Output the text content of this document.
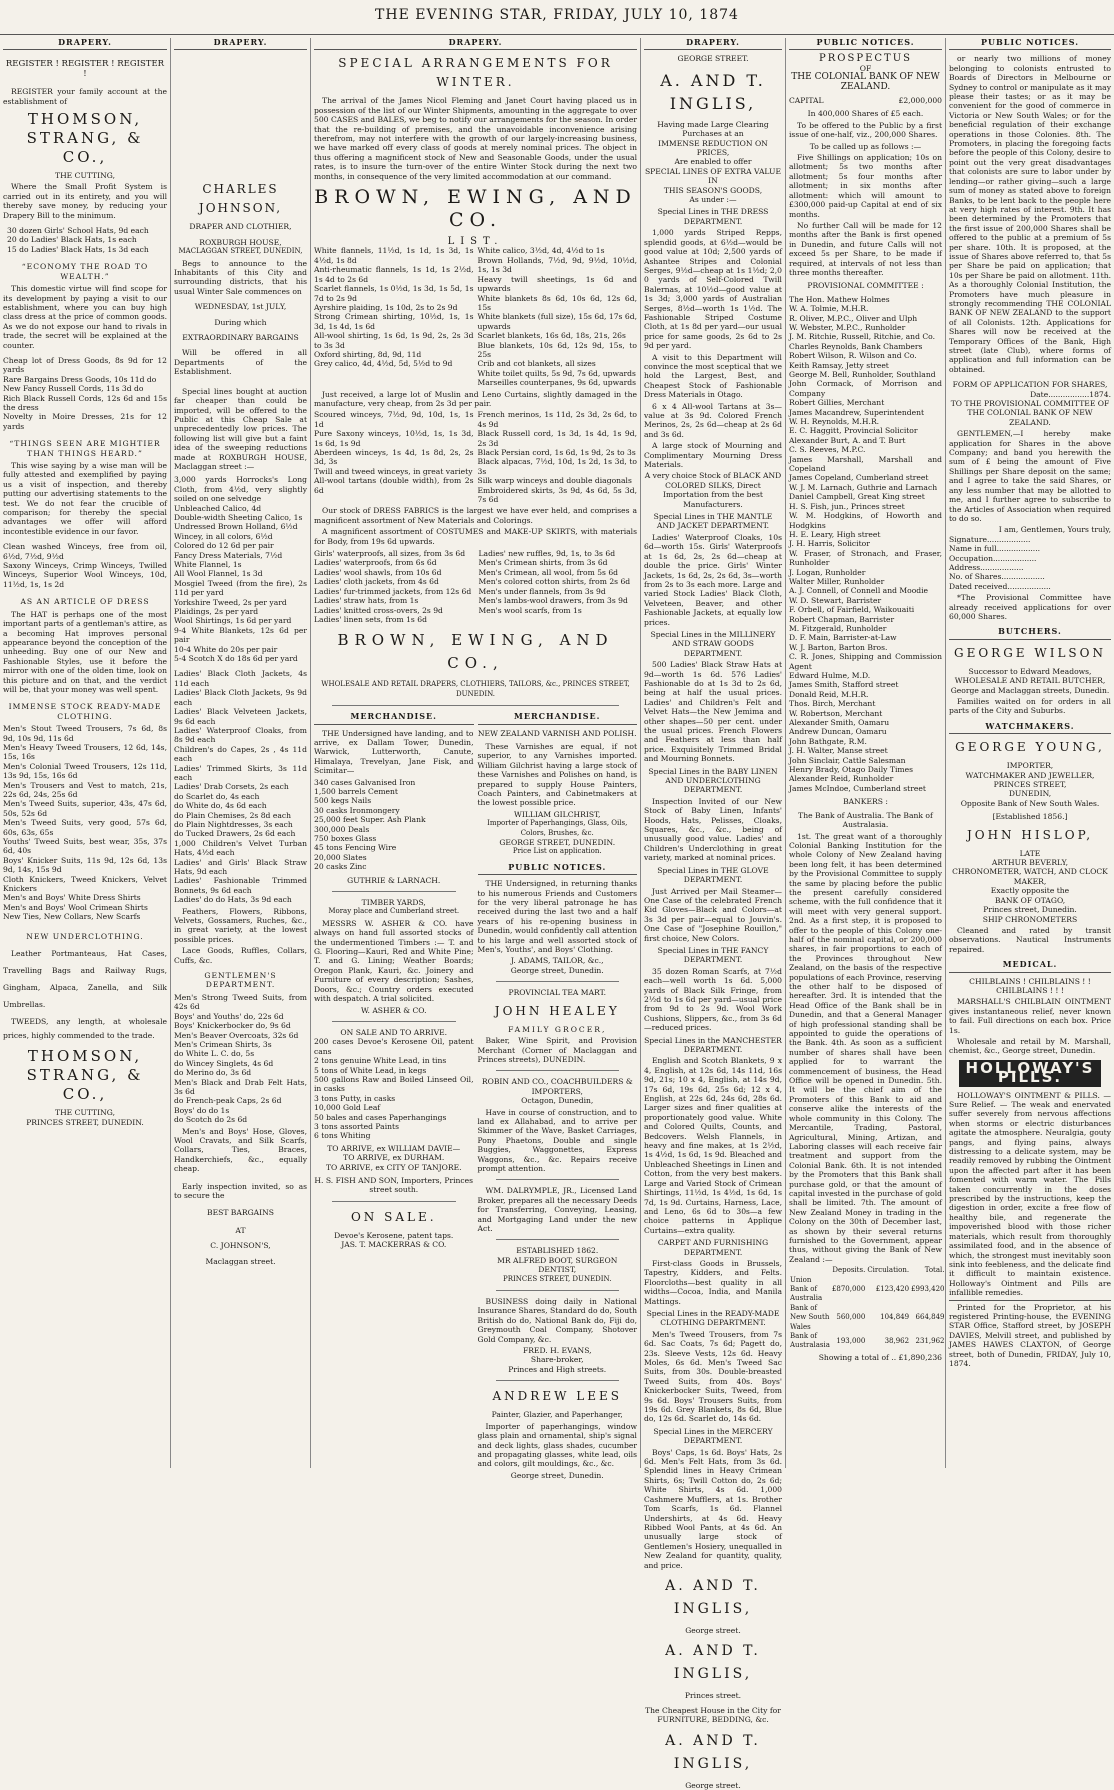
THE EVENING STAR, FRIDAY, JULY 10, 1874
DRAPERY.
REGISTER ! REGISTER ! REGISTER !

REGISTER your family account at the establishment of

THOMSON, STRANG, & CO.,
THE CUTTING,

Where the Small Profit System is carried out in its entirety, and you will thereby save money, by reducing your Drapery Bill to the minimum.

30 dozen Girls' School Hats, 9d each

20 do Ladies' Black Hats, 1s each

15 do Ladies' Black Hats, 1s 3d each

“ECONOMY THE ROAD TO WEALTH.”

This domestic virtue will find scope for its development by paying a visit to our establishment, where you can buy high class dress at the price of common goods. As we do not expose our hand to rivals in trade, the secret will be explained at the counter.

Cheap lot of Dress Goods, 8s 9d for 12 yards

Rare Bargains Dress Goods, 10s 11d do

New Fancy Russell Cords, 11s 3d do

Rich Black Russell Cords, 12s 6d and 15s the dress

Novelty in Moire Dresses, 21s for 12 yards

“THINGS SEEN ARE MIGHTIER THAN THINGS HEARD.”

This wise saying by a wise man will be fully attested and exemplified by paying us a visit of inspection, and thereby putting our advertising statements to the test. We do not fear the crucible of comparison; for thereby the special advantages we offer will afford incontestible evidence in our favor.

Clean washed Winceys, free from oil, 6½d, 7½d, 9½d

Saxony Winceys, Crimp Winceys, Twilled Winceys, Superior Wool Winceys, 10d, 11½d, 1s, 1s 2d

AS AN ARTICLE OF DRESS

The HAT is perhaps one of the most important parts of a gentleman's attire, as a becoming Hat improves personal appearance beyond the conception of the unheeding. Buy one of our New and Fashionable Styles, use it before the mirror with one of the olden time, look on this picture and on that, and the verdict will be, that your money was well spent.

IMMENSE STOCK READY-MADE CLOTHING.

Men's Stout Tweed Trousers, 7s 6d, 8s 9d, 10s 9d, 11s 6d

Men's Heavy Tweed Trousers, 12 6d, 14s, 15s, 16s

Men's Colonial Tweed Trousers, 12s 11d, 13s 9d, 15s, 16s 6d

Men's Trousers and Vest to match, 21s, 22s 6d, 24s, 25s 6d

Men's Tweed Suits, superior, 43s, 47s 6d, 50s, 52s 6d

Men's Tweed Suits, very good, 57s 6d, 60s, 63s, 65s

Youths' Tweed Suits, best wear, 35s, 37s 6d, 40s

Boys' Knicker Suits, 11s 9d, 12s 6d, 13s 9d, 14s, 15s 9d

Cloth Knickers, Tweed Knickers, Velvet Knickers

Men's and Boys' White Dress Shirts

Men's and Boys' Wool Crimean Shirts

New Ties, New Collars, New Scarfs

NEW UNDERCLOTHING.

Leather Portmanteaus, Hat Cases, Travelling Bags and Railway Rugs, Gingham, Alpaca, Zanella, and Silk Umbrellas.

TWEEDS, any length, at wholesale prices, highly commended to the trade.

THOMSON, STRANG, & CO.,
THE CUTTING,
PRINCES STREET, DUNEDIN.
DRAPERY.
CHARLES JOHNSON,
DRAPER AND CLOTHIER,
ROXBURGH HOUSE,
MACLAGGAN STREET, DUNEDIN,

Begs to announce to the Inhabitants of this City and surrounding districts, that his usual Winter Sale commences on

WEDNESDAY, 1st JULY,
During which
EXTRAORDINARY BARGAINS

Will be offered in all Departments of the Establishment.

Special lines bought at auction far cheaper than could be imported, will be offered to the Public at this Cheap Sale at unprecedentedly low prices. The following list will give but a faint idea of the sweeping reductions made at ROXBURGH HOUSE, Maclaggan street :—

3,000 yards Horrocks's Long Cloth, from 4½d, very slightly soiled on one selvedge

Unbleached Calico, 4d

Double-width Sheeting Calico, 1s

Undressed Brown Holland, 6½d

Wincey, in all colors, 6½d

Colored do 12 6d per pair

Fancy Dress Materials, 7½d

White Flannel, 1s

All Wool Flannel, 1s 3d

Mosgiel Tweed (from the fire), 2s 11d per yard

Yorkshire Tweed, 2s per yard

Plaidings, 2s per yard

Wool Shirtings, 1s 6d per yard

9-4 White Blankets, 12s 6d per pair

10-4 White do 20s per pair

5-4 Scotch X do 18s 6d per yard

Ladies' Black Cloth Jackets, 4s 11d each

Ladies' Black Cloth Jackets, 9s 9d each

Ladies' Black Velveteen Jackets, 9s 6d each

Ladies' Waterproof Cloaks, from 8s 9d each

Children's do Capes, 2s , 4s 11d each

Ladies' Trimmed Skirts, 3s 11d each

Ladies' Drab Corsets, 2s each

do Scarlet do, 4s each

do White do, 4s 6d each

do Plain Chemises, 2s 8d each

do Plain Nightdresses, 3s each

do Tucked Drawers, 2s 6d each

1,000 Children's Velvet Turban Hats, 4½d each

Ladies' and Girls' Black Straw Hats, 9d each

Ladies' Fashionable Trimmed Bonnets, 9s 6d each

Ladies' do do Hats, 3s 9d each

Feathers, Flowers, Ribbons, Velvets, Gossamers, Ruches, &c., in great variety, at the lowest possible prices.

Lace Goods, Ruffles, Collars, Cuffs, &c.

GENTLEMEN'S DEPARTMENT.

Men's Strong Tweed Suits, from 42s 6d

Boys' and Youths' do, 22s 6d

Boys' Knickerbocker do, 9s 6d

Men's Beaver Overcoats, 32s 6d

Men's Crimean Shirts, 3s

do White L. C. do, 5s

do Wincey Singlets, 4s 6d

do Merino do, 3s 6d

Men's Black and Drab Felt Hats, 3s 6d

do French-peak Caps, 2s 6d

Boys' do do 1s

do Scotch do 2s 6d

Men's and Boys' Hose, Gloves, Wool Cravats, and Silk Scarfs, Collars, Ties, Braces, Handkerchiefs, &c., equally cheap.

Early inspection invited, so as to secure the

BEST BARGAINS
AT
C. JOHNSON'S,
Maclaggan street.
DRAPERY.
SPECIAL ARRANGEMENTS FOR WINTER.

The arrival of the James Nicol Fleming and Janet Court having placed us in possession of the list of our Winter Shipments, amounting in the aggregate to over 500 CASES and BALES, we beg to notify our arrangements for the season. In order that the re-building of premises, and the unavoidable inconvenience arising therefrom, may not interfere with the growth of our largely-increasing business, we have marked off every class of goods at merely nominal prices. The object in thus offering a magnificent stock of New and Seasonable Goods, under the usual rates, is to insure the turn-over of the entire Winter Stock during the next two months, in consequence of the very limited accommodation at our command.

BROWN, EWING, AND CO.
LIST.

White flannels, 11½d, 1s 1d, 1s 3d, 1s 4½d, 1s 8d

Anti-rheumatic flannels, 1s 1d, 1s 2½d, 1s 4d to 2s 6d

Scarlet flannels, 1s 0½d, 1s 3d, 1s 5d, 1s 7d to 2s 9d

Ayrshire plaiding, 1s 10d, 2s to 2s 9d

Strong Crimean shirting, 10½d, 1s, 1s 3d, 1s 4d, 1s 6d

All-wool shirting, 1s 6d, 1s 9d, 2s, 2s 3d to 3s 3d

Oxford shirting, 8d, 9d, 11d

Grey calico, 4d, 4½d, 5d, 5½d to 9d

White calico, 3½d, 4d, 4½d to 1s

Brown Hollands, 7½d, 9d, 9½d, 10½d, 1s, 1s 3d

Heavy twill sheetings, 1s 6d and upwards

White blankets 8s 6d, 10s 6d, 12s 6d, 15s

White blankets (full size), 15s 6d, 17s 6d, upwards

Scarlet blankets, 16s 6d, 18s, 21s, 26s

Blue blankets, 10s 6d, 12s 9d, 15s, to 25s

Crib and cot blankets, all sizes

White toilet quilts, 5s 9d, 7s 6d, upwards

Marseilles counterpanes, 9s 6d, upwards

Just received, a large lot of Muslin and Leno Curtains, slightly damaged in the manufacture, very cheap, from 2s 3d per pair.

Scoured winceys, 7½d, 9d, 10d, 1s, 1s 1d

Pure Saxony winceys, 10½d, 1s, 1s 3d, 1s 6d, 1s 9d

Aberdeen winceys, 1s 4d, 1s 8d, 2s, 2s 3d, 3s

Twill and tweed winceys, in great variety

All-wool tartans (double width), from 2s 6d

French merinos, 1s 11d, 2s 3d, 2s 6d, to 4s 9d

Black Russell cord, 1s 3d, 1s 4d, 1s 9d, 2s 3d

Black Persian cord, 1s 6d, 1s 9d, 2s to 3s

Black alpacas, 7½d, 10d, 1s 2d, 1s 3d, to 3s

Silk warp winceys and double diagonals

Embroidered skirts, 3s 9d, 4s 6d, 5s 3d, 7s 6d

Our stock of DRESS FABRICS is the largest we have ever held, and comprises a magnificent assortment of New Materials and Colorings.

A magnificent assortment of COSTUMES and MAKE-UP SKIRTS, with materials for Body, from 19s 6d upwards.

Girls' waterproofs, all sizes, from 3s 6d

Ladies' waterproofs, from 6s 6d

Ladies' wool shawls, from 10s 6d

Ladies' cloth jackets, from 4s 6d

Ladies' fur-trimmed jackets, from 12s 6d

Ladies' straw hats, from 1s

Ladies' knitted cross-overs, 2s 9d

Ladies' linen sets, from 1s 6d

Ladies' new ruffles, 9d, 1s, to 3s 6d

Men's Crimean shirts, from 3s 6d

Men's Crimean, all wool, from 5s 6d

Men's colored cotton shirts, from 2s 6d

Men's under flannels, from 3s 9d

Men's lambs-wool drawers, from 3s 9d

Men's wool scarfs, from 1s

BROWN, EWING, AND CO.,
WHOLESALE AND RETAIL DRAPERS, CLOTHIERS, TAILORS, &c., PRINCES STREET, DUNEDIN.
MERCHANDISE.

THE Undersigned have landing, and to arrive, ex Dallam Tower, Dunedin, Warwick, Lutterworth, Canute, Himalaya, Trevelyan, Jane Fisk, and Scimitar—

340 cases Galvanised Iron

1,500 barrels Cement

500 kegs Nails

30 casks Ironmongery

25,000 feet Super. Ash Plank

300,000 Deals

750 boxes Glass

45 tons Fencing Wire

20,000 Slates

20 casks Zinc

GUTHRIE & LARNACH.
TIMBER YARDS,
Moray place and Cumberland street.

MESSRS W. ASHER & CO. have always on hand full assorted stocks of the undermentioned Timbers :— T. and G. Flooring—Kauri, Red and White Pine; T. and G. Lining; Weather Boards; Oregon Plank, Kauri, &c. Joinery and Furniture of every description; Sashes, Doors, &c.; Country orders executed with despatch. A trial solicited.

W. ASHER & CO.
ON SALE AND TO ARRIVE.

200 cases Devoe's Kerosene Oil, patent cans

2 tons genuine White Lead, in tins

5 tons of White Lead, in kegs

500 gallons Raw and Boiled Linseed Oil, in casks

3 tons Putty, in casks

10,000 Gold Leaf

50 bales and cases Paperhangings

3 tons assorted Paints

6 tons Whiting

TO ARRIVE, ex WILLIAM DAVIE—
TO ARRIVE, ex DURHAM.
TO ARRIVE, ex CITY OF TANJORE.
H. S. FISH AND SON, Importers, Princes street south.
ON SALE.
Devoe's Kerosene, patent taps.
JAS. T. MACKERRAS & CO.
MERCHANDISE.
NEW ZEALAND VARNISH AND POLISH.

These Varnishes are equal, if not superior, to any Varnishes imported. William Gilchrist having a large stock of these Varnishes and Polishes on hand, is prepared to supply House Painters, Coach Painters, and Cabinetmakers at the lowest possible price.

WILLIAM GILCHRIST,
Importer of Paperhangings, Glass, Oils, Colors, Brushes, &c.
GEORGE STREET, DUNEDIN.
Price List on application.
PUBLIC NOTICES.

THE Undersigned, in returning thanks to his numerous Friends and Customers for the very liberal patronage he has received during the last two and a half years of his re-opening business in Dunedin, would confidently call attention to his large and well assorted stock of Men's, Youths', and Boys' Clothing.

J. ADAMS, TAILOR, &c.,
George street, Dunedin.
PROVINCIAL TEA MART.
JOHN HEALEY
FAMILY GROCER,

Baker, Wine Spirit, and Provision Merchant (Corner of Maclaggan and Princes streets), DUNEDIN.

ROBIN AND CO., COACHBUILDERS & IMPORTERS,
Octagon, Dunedin,

Have in course of construction, and to land ex Allahabad, and to arrive per Skimmer of the Wave, Basket Carriages, Pony Phaetons, Double and single Buggies, Waggonettes, Express Waggons, &c., &c. Repairs receive prompt attention.

WM. DALRYMPLE, JR., Licensed Land Broker, prepares all the necessary Deeds for Transferring, Conveying, Leasing, and Mortgaging Land under the new Act.

ESTABLISHED 1862.
MR ALFRED BOOT, SURGEON DENTIST,
PRINCES STREET, DUNEDIN.

BUSINESS doing daily in National Insurance Shares, Standard do do, South British do do, National Bank do, Fiji do, Greymouth Coal Company, Shotover Gold Company, &c.

FRED. H. EVANS,
Share-broker,
Princes and High streets.
ANDREW LEES
Painter, Glazier, and Paperhanger,

Importer of paperhangings, window glass plain and ornamental, ship's signal and deck lights, glass shades, cucumber and propagating glasses, white lead, oils and colors, gilt mouldings, &c., &c.

George street, Dunedin.
DRAPERY.
GEORGE STREET.
A. AND T. INGLIS,
Having made Large Clearing Purchases at an
IMMENSE REDUCTION ON PRICES,
Are enabled to offer
SPECIAL LINES OF EXTRA VALUE
IN
THIS SEASON'S GOODS,
As under :—
Special Lines in THE DRESS DEPARTMENT.

1,000 yards Striped Repps, splendid goods, at 6½d—would be good value at 10d; 2,500 yards of Ashantee Stripes and Colonial Serges, 9½d—cheap at 1s 1½d; 2,0 0 yards of Self-Colored Twill Balernas, at 10½d—good value at 1s 3d; 3,000 yards of Australian Serges, 8½d—worth 1s 1½d. The Fashionable Striped Costume Cloth, at 1s 8d per yard—our usual price for same goods, 2s 6d to 2s 9d per yard.

A visit to this Department will convince the most sceptical that we hold the Largest, Best, and Cheapest Stock of Fashionable Dress Materials in Otago.

6 x 4 All-wool Tartans at 3s—value at 3s 9d. Colored French Merinos, 2s, 2s 6d—cheap at 2s 6d and 3s 6d.

A large stock of Mourning and Complimentary Mourning Dress Materials.

A very choice Stock of BLACK AND COLORED SILKS, Direct Importation from the best Manufacturers.
Special Lines in THE MANTLE AND JACKET DEPARTMENT.

Ladies' Waterproof Cloaks, 10s 6d—worth 15s. Girls' Waterproofs at 1s 6d, 2s, 2s 6d—cheap at double the price. Girls' Winter Jackets, 1s 6d, 2s, 2s 6d, 3s—worth from 2s to 3s each more. Large and varied Stock Ladies' Black Cloth, Velveteen, Beaver, and other Fashionable Jackets, at equally low prices.

Special Lines in the MILLINERY AND STRAW GOODS DEPARTMENT.

500 Ladies' Black Straw Hats at 9d—worth 1s 6d. 576 Ladies' Fashionable do at 1s 3d to 2s 6d, being at half the usual prices. Ladies' and Children's Felt and Velvet Hats—the New Jemima and other shapes—50 per cent. under the usual prices. French Flowers and Feathers at less than half price. Exquisitely Trimmed Bridal and Mourning Bonnets.

Special Lines in the BABY LINEN AND UNDERCLOTHING DEPARTMENT.

Inspection Invited of our New Stock of Baby Linen, Infants' Hoods, Hats, Pelisses, Cloaks, Squares, &c., &c., being of unusually good value. Ladies' and Children's Underclothing in great variety, marked at nominal prices.

Special Lines in THE GLOVE DEPARTMENT.

Just Arrived per Mail Steamer—One Case of the celebrated French Kid Gloves—Black and Colors—at 3s 3d per pair—equal to Jouvin's. One Case of "Josephine Rouillon," first choice, New Colors.

Special Lines in THE FANCY DEPARTMENT.

35 dozen Roman Scarfs, at 7½d each—well worth 1s 6d. 5,000 yards of Black Silk Fringe, from 2½d to 1s 6d per yard—usual price from 9d to 2s 9d. Wool Work Cushions, Slippers, &c., from 3s 6d—reduced prices.

Special Lines in the MANCHESTER DEPARTMENT.

English and Scotch Blankets, 9 x 4, English, at 12s 6d, 14s 11d, 16s 9d, 21s; 10 x 4, English, at 14s 9d, 17s 6d, 19s 6d, 25s 6d; 12 x 4, English, at 22s 6d, 24s 6d, 28s 6d. Larger sizes and finer qualities at proportionately good value. White and Colored Quilts, Counts, and Bedcovers. Welsh Flannels, in heavy and fine makes, at 1s 2½d, 1s 4½d, 1s 6d, 1s 9d. Bleached and Unbleached Sheetings in Linen and Cotton, from the very best makers. Large and Varied Stock of Crimean Shirtings, 11½d, 1s 4½d, 1s 6d, 1s 7d, 1s 9d. Curtains, Harness, Lace, and Leno, 6s 6d to 30s—a few choice patterns in Applique Curtains—extra quality.

CARPET AND FURNISHING DEPARTMENT.

First-class Goods in Brussels, Tapestry, Kidders, and Felts. Floorcloths—best quality in all widths—Cocoa, India, and Manila Mattings.

Special Lines in the READY-MADE CLOTHING DEPARTMENT.

Men's Tweed Trousers, from 7s 6d. Sac Coats, 7s 6d; Pagett do, 23s. Sleeve Vests, 12s 6d. Heavy Moles, 6s 6d. Men's Tweed Sac Suits, from 30s. Double-breasted Tweed Suits, from 40s. Boys' Knickerbocker Suits, Tweed, from 9s 6d. Boys' Trousers Suits, from 19s 6d. Grey Blankets, 8s 6d, Blue do, 12s 6d. Scarlet do, 14s 6d.

Special Lines in the MERCERY DEPARTMENT.

Boys' Caps, 1s 6d. Boys' Hats, 2s 6d. Men's Felt Hats, from 3s 6d. Splendid lines in Heavy Crimean Shirts, 6s; Twill Cotton do, 2s 6d; White Shirts, 4s 6d. 1,000 Cashmere Mufflers, at 1s. Brother Tom Scarfs, 1s 6d. Flannel Undershirts, at 4s 6d. Heavy Ribbed Wool Pants, at 4s 6d. An unusually large stock of Gentlemen's Hosiery, unequalled in New Zealand for quantity, quality, and price.

A. AND T. INGLIS,
George street.
A. AND T. INGLIS,
Princes street.
The Cheapest House in the City for
FURNITURE, BEDDING, &c.
A. AND T. INGLIS,
George street.
PUBLIC NOTICES.
PROSPECTUS
OF
THE COLONIAL BANK OF NEW ZEALAND.
CAPITAL	£2,000,000
In 400,000 Shares of £5 each.

To be offered to the Public by a first issue of one-half, viz., 200,000 Shares.

To be called up as follows :—

Five Shillings on application; 10s on allotment; 5s two months after allotment; 5s four months after allotment; in six months after allotment: which will amount to £300,000 paid-up Capital at end of six months.

No further Call will be made for 12 months after the Bank is first opened in Dunedin, and future Calls will not exceed 5s per Share, to be made if required, at intervals of not less than three months thereafter.

PROVISIONAL COMMITTEE :

The Hon. Mathew Holmes

W. A. Tolmie, M.H.R.

R. Oliver, M.P.C., Oliver and Ulph

W. Webster, M.P.C., Runholder

J. M. Ritchie, Russell, Ritchie, and Co.

Charles Reynolds, Bank Chambers

Robert Wilson, R. Wilson and Co.

Keith Ramsay, Jetty street

George M. Bell, Runholder, Southland

John Cormack, of Morrison and Company

Robert Gillies, Merchant

James Macandrew, Superintendent

W. H. Reynolds, M.H.R.

E. C. Haggitt, Provincial Solicitor

Alexander Burt, A. and T. Burt

C. S. Reeves, M.P.C.

James Marshall, Marshall and Copeland

James Copeland, Cumberland street

W. J. M. Larnach, Guthrie and Larnach

Daniel Campbell, Great King street

H. S. Fish, jun., Princes street

W. M. Hodgkins, of Howorth and Hodgkins

H. E. Leary, High street

J. H. Harris, Solicitor

W. Fraser, of Stronach, and Fraser, Runholder

J. Logan, Runholder

Walter Miller, Runholder

A. J. Connell, of Connell and Moodie

W. D. Stewart, Barrister

F. Orbell, of Fairfield, Waikouaiti

Robert Chapman, Barrister

M. Fitzgerald, Runholder

D. F. Main, Barrister-at-Law

W. J. Barton, Barton Bros.

C. R. Jones, Shipping and Commission Agent

Edward Hulme, M.D.

James Smith, Stafford street

Donald Reid, M.H.R.

Thos. Birch, Merchant

W. Robertson, Merchant

Alexander Smith, Oamaru

Andrew Duncan, Oamaru

John Bathgate, R.M.

J. H. Walter, Manse street

John Sinclair, Cattle Salesman

Henry Brady, Otago Daily Times

Alexander Reid, Runholder

James McIndoe, Cumberland street

BANKERS :
The Bank of Australia. The Bank of Australasia.

1st. The great want of a thoroughly Colonial Banking Institution for the whole Colony of New Zealand having been long felt, it has been determined by the Provisional Committee to supply the same by placing before the public the present carefully considered scheme, with the full confidence that it will meet with very general support. 2nd. As a first step, it is proposed to offer to the people of this Colony one-half of the nominal capital, or 200,000 shares, in fair proportions to each of the Provinces throughout New Zealand, on the basis of the respective populations of each Province, reserving the other half to be disposed of hereafter. 3rd. It is intended that the Head Office of the Bank shall be in Dunedin, and that a General Manager of high professional standing shall be appointed to guide the operations of the Bank. 4th. As soon as a sufficient number of shares shall have been applied for to warrant the commencement of business, the Head Office will be opened in Dunedin. 5th. It will be the chief aim of the Promoters of this Bank to aid and conserve alike the interests of the whole community in this Colony. The Mercantile, Trading, Pastoral, Agricultural, Mining, Artizan, and Laboring classes will each receive fair treatment and support from the Colonial Bank. 6th. It is not intended by the Promoters that this Bank shall purchase gold, or that the amount of capital invested in the purchase of gold shall be limited. 7th. The amount of New Zealand Money in trading in the Colony on the 30th of December last, as shown by their several returns furnished to the Government, appear thus, without giving the Bank of New Zealand :—

	Deposits.	Circulation.	Total.
Union Bank of Australia	£870,000	£123,420	£993,420
Bank of New South Wales	560,000	104,849	664,849
Bank of Australasia	193,000	38,962	231,962
Showing a total of .. £1,890,236
PUBLIC NOTICES.

or nearly two millions of money belonging to colonists entrusted to Boards of Directors in Melbourne or Sydney to control or manipulate as it may please their tastes; or as it may be convenient for the good of commerce in Victoria or New South Wales; or for the beneficial regulation of their exchange operations in those Colonies. 8th. The Promoters, in placing the foregoing facts before the people of this Colony, desire to point out the very great disadvantages that colonists are sure to labor under by lending—or rather giving—such a large sum of money as stated above to foreign Banks, to be lent back to the people here at very high rates of interest. 9th. It has been determined by the Promoters that the first issue of 200,000 Shares shall be offered to the public at a premium of 5s per share. 10th. It is proposed, at the issue of Shares above referred to, that 5s per Share be paid on application; that 10s per Share be paid on allotment. 11th. As a thoroughly Colonial Institution, the Promoters have much pleasure in strongly recommending THE COLONIAL BANK OF NEW ZEALAND to the support of all Colonists. 12th. Applications for Shares will now be received at the Temporary Offices of the Bank, High street (late Club), where forms of application and full information can be obtained.

FORM OF APPLICATION FOR SHARES,
Date.................1874.
TO THE PROVISIONAL COMMITTEE OF THE COLONIAL BANK OF NEW ZEALAND.

GENTLEMEN,—I hereby make application for Shares in the above Company; and band you herewith the sum of £ being the amount of Five Shillings per Share deposit on the same; and I agree to take the said Shares, or any less number that may be allotted to me, and I further agree to subscribe to the Articles of Association when required to do so.

I am, Gentlemen, Yours truly,
Signature..................
Name in full..................
Occupation..................
Address..................
No. of Shares..................
Dated received..................

*The Provisional Committee have already received applications for over 60,000 Shares.

BUTCHERS.
GEORGE WILSON
Successor to Edward Meadows,
WHOLESALE AND RETAIL BUTCHER,
George and Maclaggan streets, Dunedin.

Families waited on for orders in all parts of the City and Suburbs.

WATCHMAKERS.
GEORGE YOUNG,
IMPORTER,
WATCHMAKER AND JEWELLER,
PRINCES STREET,
DUNEDIN,
Opposite Bank of New South Wales.
[Established 1856.]
JOHN HISLOP,
LATE
ARTHUR BEVERLY,
CHRONOMETER, WATCH, AND CLOCK MAKER,
Exactly opposite the
BANK OF OTAGO,
Princes street, Dunedin.
SHIP CHRONOMETERS

Cleaned and rated by transit observations. Nautical Instruments repaired.

MEDICAL.
CHILBLAINS ! CHILBLAINS ! ! CHILBLAINS ! ! !

MARSHALL'S CHILBLAIN OINTMENT gives instantaneous relief, never known to fail. Full directions on each box. Price 1s.

Wholesale and retail by M. Marshall, chemist, &c., George street, Dunedin.

HOLLOWAY'S PILLS.

HOLLOWAY'S OINTMENT & PILLS. — Sure Relief. — The weak and enervated suffer severely from nervous affections when storms or electric disturbances agitate the atmosphere. Neuralgia, gouty pangs, and flying pains, always distressing to a delicate system, may be readily removed by rubbing the Ointment upon the affected part after it has been fomented with warm water. The Pills taken concurrently in the doses prescribed by the instructions, keep the digestion in order, excite a free flow of healthy bile, and regenerate the impoverished blood with those richer materials, which result from thoroughly assimilated food, and in the absence of which, the strongest must inevitably soon sink into feebleness, and the delicate find it difficult to maintain existence. Holloway's Ointment and Pills are infallible remedies.

Printed for the Proprietor, at his registered Printing-house, the EVENING STAR Office, Stafford street, by JOSEPH DAVIES, Melvill street, and published by JAMES HAWES CLAXTON, of George street, both of Dunedin, FRIDAY, July 10, 1874.
